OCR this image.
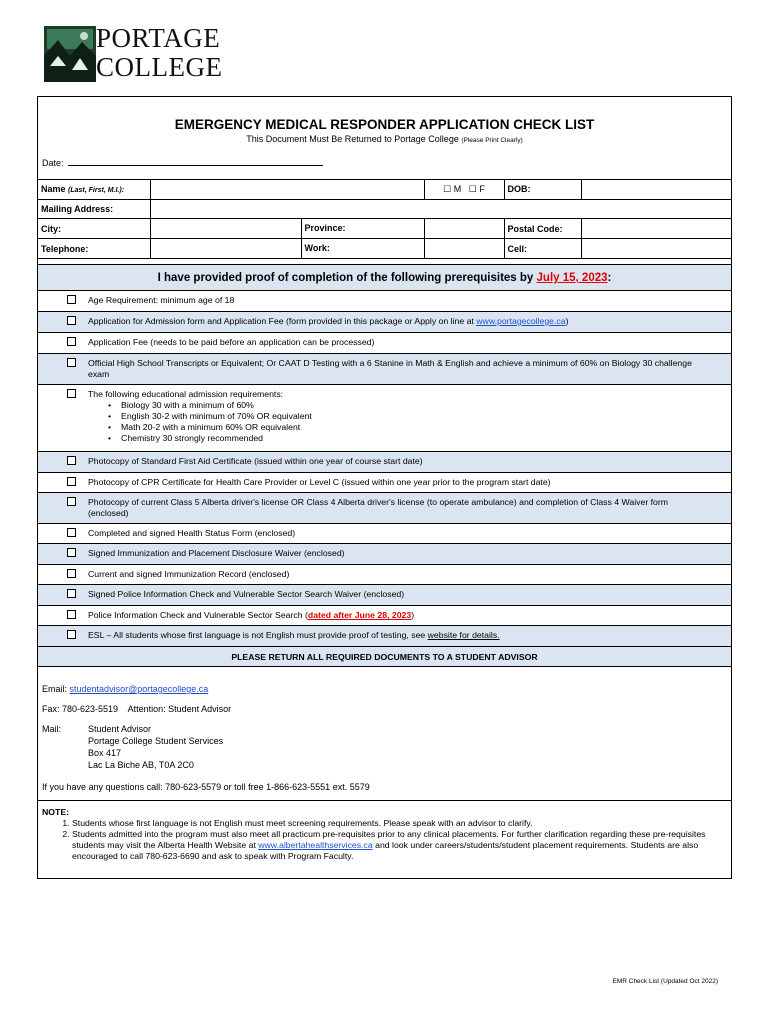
PORTAGE
COLLEGE
EMERGENCY MEDICAL RESPONDER APPLICATION CHECK LIST
This Document Must Be Returned to Portage College (Please Print Clearly)
Date:
Name (Last, First, M.I.):		☐ M ☐ F	DOB:	
Mailing Address:				
City:	Province:		Postal Code:	
Telephone:	Work:		Cell:	
I have provided proof of completion of the following prerequisites by July 15, 2023:
Age Requirement: minimum age of 18
Application for Admission form and Application Fee (form provided in this package or Apply on line at www.portagecollege.ca)
Application Fee (needs to be paid before an application can be processed)
Official High School Transcripts or Equivalent; Or CAAT D Testing with a 6 Stanine in Math & English and achieve a minimum of 60% on Biology 30 challenge exam
The following educational admission requirements:
• Biology 30 with a minimum of 60%
• English 30-2 with minimum of 70% OR equivalent
• Math 20-2 with a minimum 60% OR equivalent
• Chemistry 30 strongly recommended
Photocopy of Standard First Aid Certificate (issued within one year of course start date)
Photocopy of CPR Certificate for Health Care Provider or Level C (issued within one year prior to the program start date)
Photocopy of current Class 5 Alberta driver's license OR Class 4 Alberta driver's license (to operate ambulance) and completion of Class 4 Waiver form (enclosed)
Completed and signed Health Status Form (enclosed)
Signed Immunization and Placement Disclosure Waiver (enclosed)
Current and signed Immunization Record (enclosed)
Signed Police Information Check and Vulnerable Sector Search Waiver (enclosed)
Police Information Check and Vulnerable Sector Search (dated after June 28, 2023)
ESL – All students whose first language is not English must provide proof of testing, see website for details.
PLEASE RETURN ALL REQUIRED DOCUMENTS TO A STUDENT ADVISOR
Email: studentadvisor@portagecollege.ca
Fax: 780-623-5519 Attention: Student Advisor
Mail:	Student Advisor
Portage College Student Services
Box 417
Lac La Biche AB, T0A 2C0
If you have any questions call: 780-623-5579 or toll free 1-866-623-5551 ext. 5579
NOTE:
1. Students whose first language is not English must meet screening requirements. Please speak with an advisor to clarify.
2. Students admitted into the program must also meet all practicum pre-requisites prior to any clinical placements. For further clarification regarding these pre-requisites students may visit the Alberta Health Website at www.albertahealthservices.ca and look under careers/students/student placement requirements. Students are also encouraged to call 780-623-6690 and ask to speak with Program Faculty.
EMR Check List (Updated Oct 2022)
